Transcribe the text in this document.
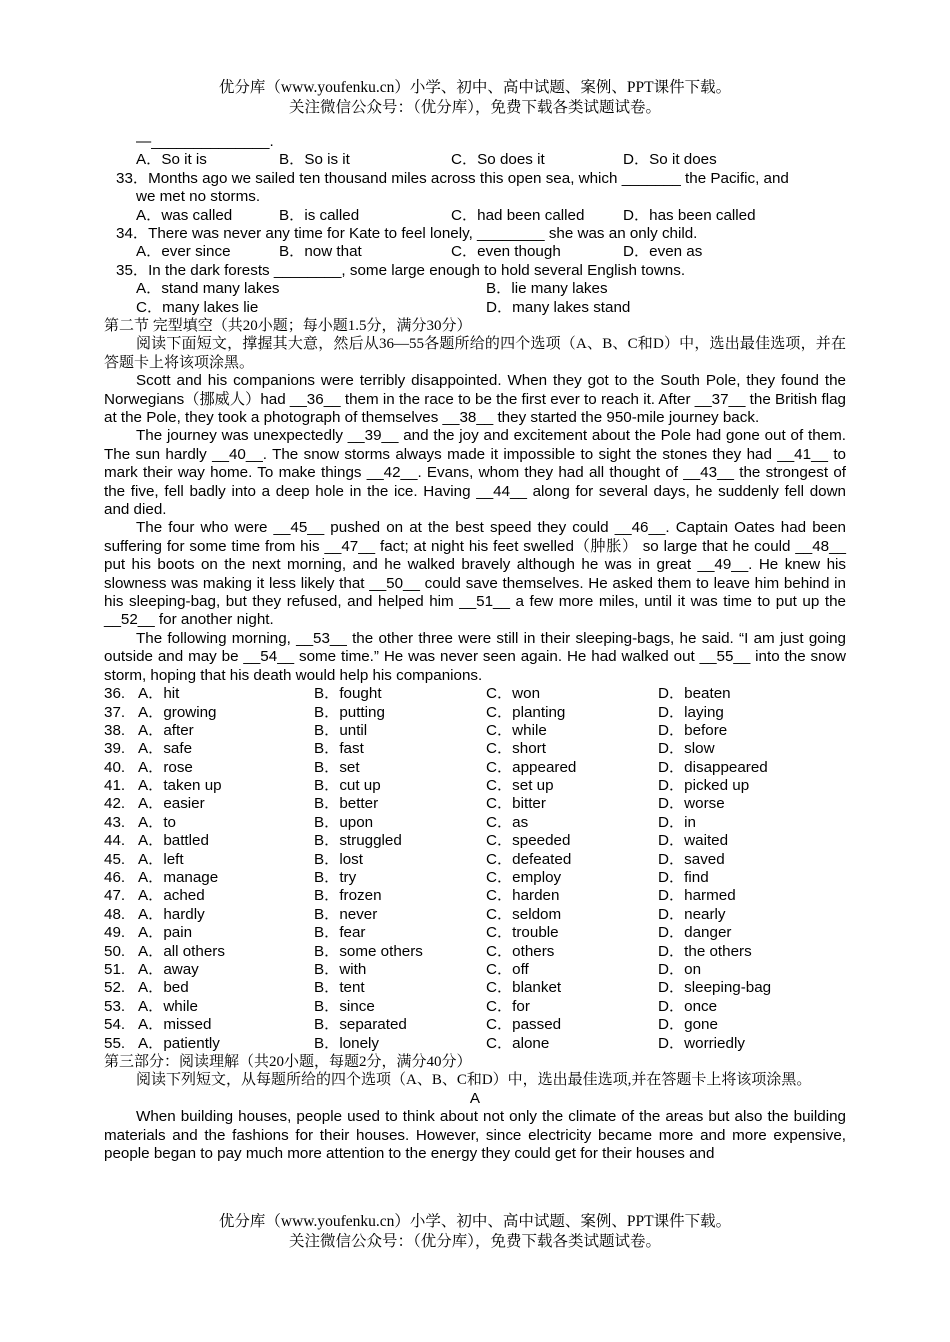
优分库（www.youfenku.cn）小学、初中、高中试题、案例、PPT课件下载。
关注微信公众号：（优分库），免费下载各类试题试卷。
—______________.
A．So it is	B．So is it	C．So does it	D．So it does
33．Months ago we sailed ten thousand miles across this open sea, which _______ the Pacific, and
we met no storms.
A．was called	B．is called	C．had been called	D．has been called
34．There was never any time for Kate to feel lonely, ________ she was an only child.
A．ever since	B．now that	C．even though	D．even as
35．In the dark forests ________, some large enough to hold several English towns.
A．stand many lakes	B．lie many lakes
C．many lakes lie	D．many lakes stand
第二节 完型填空（共20小题；每小题1.5分，满分30分）
阅读下面短文，撑握其大意，然后从36—55各题所给的四个选项（A、B、C和D）中，选出最佳选项，并在答题卡上将该项涂黑。
Scott and his companions were terribly disappointed. When they got to the South Pole, they found the Norwegians（挪威人）had __36__ them in the race to be the first ever to reach it. After __37__ the British flag at the Pole, they took a photograph of themselves __38__ they started the 950-mile journey back.
The journey was unexpectedly __39__ and the joy and excitement about the Pole had gone out of them. The sun hardly __40__. The snow storms always made it impossible to sight the stones they had __41__ to mark their way home. To make things __42__. Evans, whom they had all thought of __43__ the strongest of the five, fell badly into a deep hole in the ice. Having __44__ along for several days, he suddenly fell down and died.
The four who were __45__ pushed on at the best speed they could __46__. Captain Oates had been suffering for some time from his __47__ fact; at night his feet swelled（肿胀） so large that he could __48__ put his boots on the next morning, and he walked bravely although he was in great __49__. He knew his slowness was making it less likely that __50__ could save themselves. He asked them to leave him behind in his sleeping-bag, but they refused, and helped him __51__ a few more miles, until it was time to put up the __52__ for another night.
The following morning, __53__ the other three were still in their sleeping-bags, he said. “I am just going outside and may be __54__ some time.” He was never seen again. He had walked out __55__ into the snow storm, hoping that his death would help his companions.
36. A．hit	B．fought	C．won	D．beaten
37. A．growing	B．putting	C．planting	D．laying
38. A．after	B．until	C．while	D．before
39. A．safe	B．fast	C．short	D．slow
40. A．rose	B．set	C．appeared	D．disappeared
41. A．taken up	B．cut up	C．set up	D．picked up
42. A．easier	B．better	C．bitter	D．worse
43. A．to	B．upon	C．as	D．in
44. A．battled	B．struggled	C．speeded	D．waited
45. A．left	B．lost	C．defeated	D．saved
46. A．manage	B．try	C．employ	D．find
47. A．ached	B．frozen	C．harden	D．harmed
48. A．hardly	B．never	C．seldom	D．nearly
49. A．pain	B．fear	C．trouble	D．danger
50. A．all others	B．some others	C．others	D．the others
51. A．away	B．with	C．off	D．on
52. A．bed	B．tent	C．blanket	D．sleeping-bag
53. A．while	B．since	C．for	D．once
54. A．missed	B．separated	C．passed	D．gone
55. A．patiently	B．lonely	C．alone	D．worriedly
第三部分：阅读理解（共20小题，每题2分，满分40分）
阅读下列短文，从每题所给的四个选项（A、B、C和D）中，选出最佳选项,并在答题卡上将该项涂黑。
A
When building houses, people used to think about not only the climate of the areas but also the building materials and the fashions for their houses. However, since electricity became more and more expensive, people began to pay much more attention to the energy they could get for their houses and
优分库（www.youfenku.cn）小学、初中、高中试题、案例、PPT课件下载。
关注微信公众号：（优分库），免费下载各类试题试卷。
